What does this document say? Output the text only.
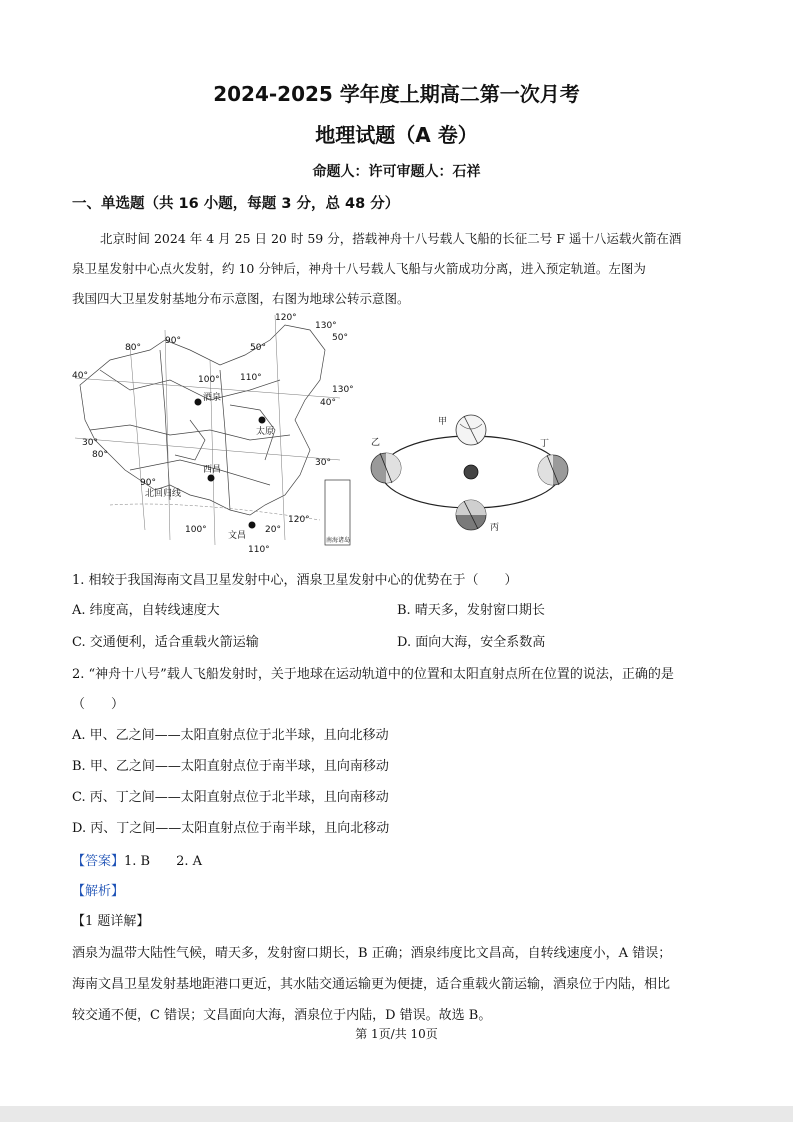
2024-2025 学年度上期高二第一次月考
地理试题（A 卷）
命题人：许可审题人：石祥
一、单选题（共 16 小题，每题 3 分，总 48 分）
北京时间 2024 年 4 月 25 日 20 时 59 分，搭载神舟十八号载人飞船的长征二号 F 遥十八运载火箭在酒
泉卫星发射中心点火发射，约 10 分钟后，神舟十八号载人飞船与火箭成功分离，进入预定轨道。左图为
我国四大卫星发射基地分布示意图，右图为地球公转示意图。
120°
130°
50°
50°
80°
90°
100° 110°
40°
40°
130°
30°
30°
80°
90°
100°
120°
20°
110°
酒泉
太原
西昌
文昌
北回归线
南海诸岛
甲
乙
丙
丁
1. 相较于我国海南文昌卫星发射中心，酒泉卫星发射中心的优势在于（　　）
A. 纬度高，自转线速度大	B. 晴天多，发射窗口期长
C. 交通便利，适合重载火箭运输	D. 面向大海，安全系数高
2. “神舟十八号”载人飞船发射时，关于地球在运动轨道中的位置和太阳直射点所在位置的说法，正确的是
（　　）
A. 甲、乙之间——太阳直射点位于北半球，且向北移动
B. 甲、乙之间——太阳直射点位于南半球，且向南移动
C. 丙、丁之间——太阳直射点位于北半球，且向南移动
D. 丙、丁之间——太阳直射点位于南半球，且向北移动
【答案】1. B　　2. A
【解析】
【1 题详解】
酒泉为温带大陆性气候，晴天多，发射窗口期长，B 正确；酒泉纬度比文昌高，自转线速度小，A 错误；
海南文昌卫星发射基地距港口更近，其水陆交通运输更为便捷，适合重载火箭运输，酒泉位于内陆，相比
较交通不便，C 错误；文昌面向大海，酒泉位于内陆，D 错误。故选 B。
第 1页/共 10页
